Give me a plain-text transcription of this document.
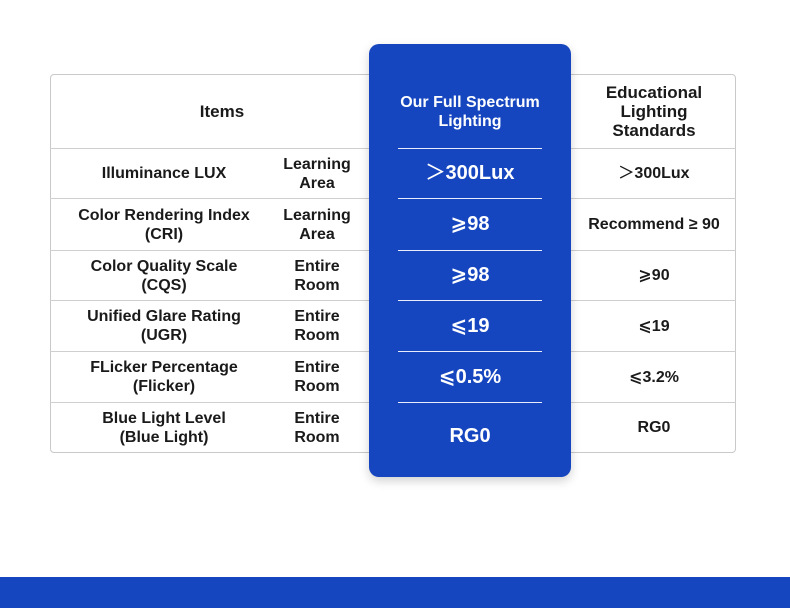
Items
Educational Lighting Standards
Illuminance LUX
Learning Area
＞300Lux
Color Rendering Index (CRI)
Learning Area
Recommend ≥ 90
Color Quality Scale (CQS)
Entire Room
⩾90
Unified Glare Rating (UGR)
Entire Room
⩽19
FLicker Percentage (Flicker)
Entire Room
⩽3.2%
Blue Light Level (Blue Light)
Entire Room
RG0
Our Full Spectrum Lighting
＞300Lux
⩾98
⩾98
⩽19
⩽0.5%
RG0
